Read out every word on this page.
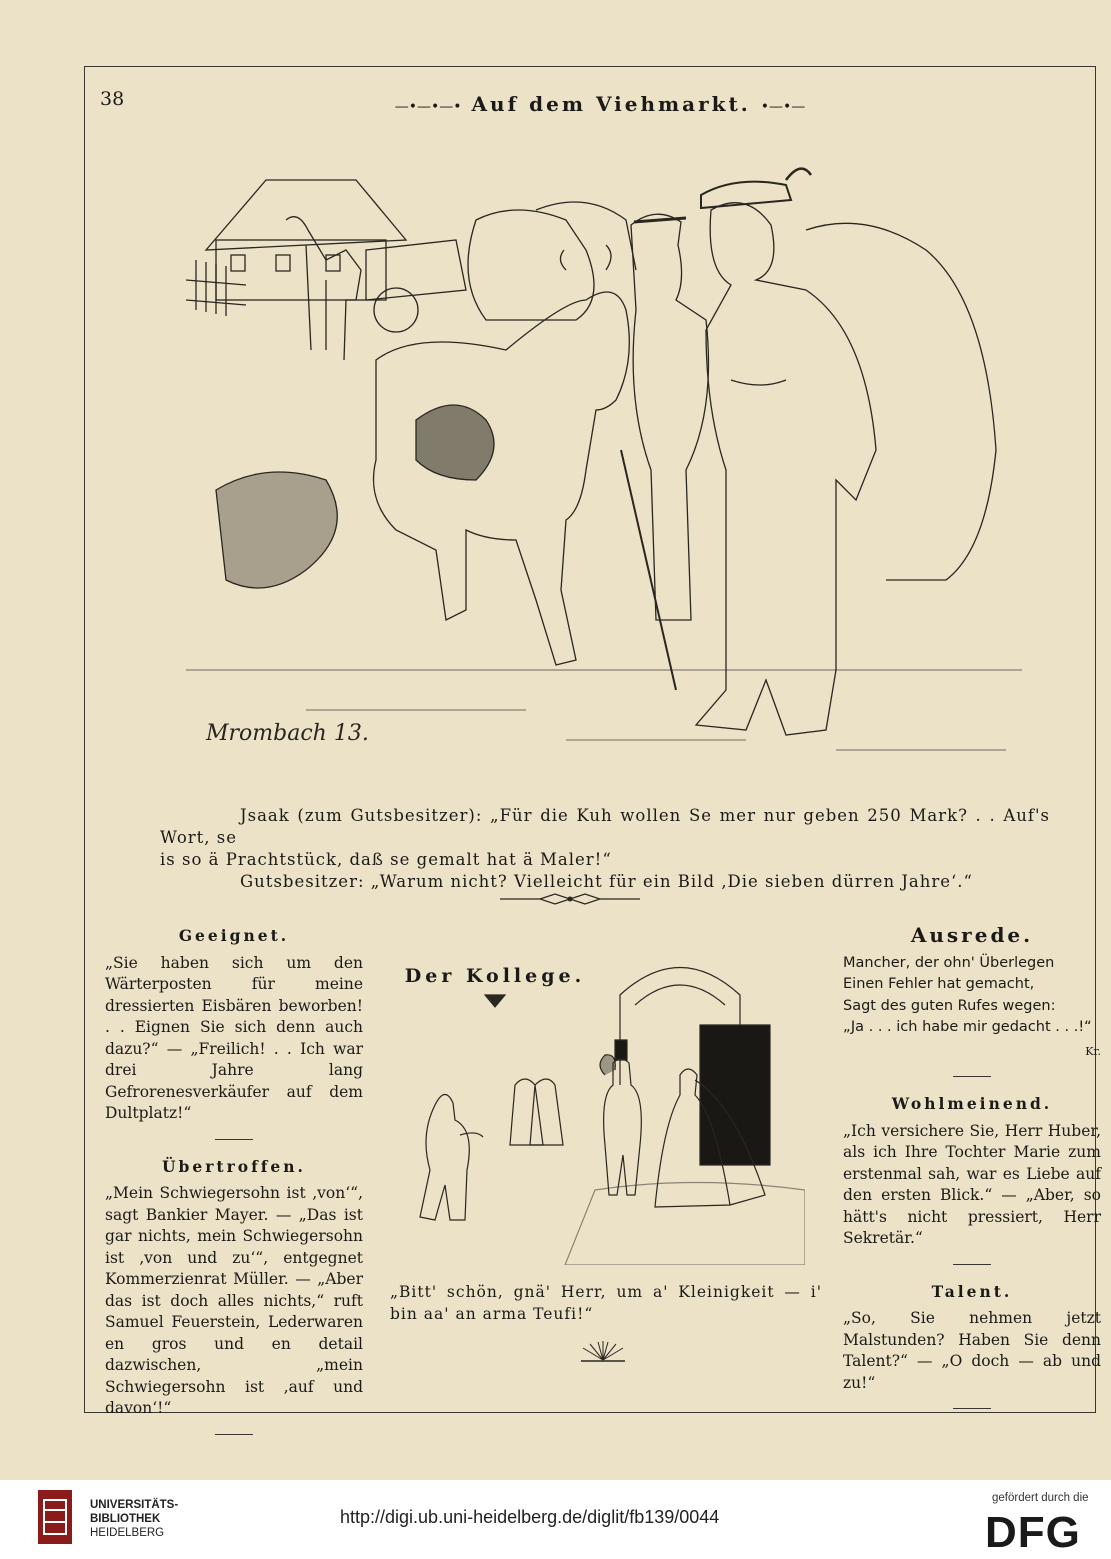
38	—•—•—• Auf dem Viehmarkt. •—•—
Mrombach 13.

Jsaak (zum Gutsbesitzer): „Für die Kuh wollen Se mer nur geben 250 Mark? . . Auf's Wort, se

is so ä Prachtstück, daß se gemalt hat ä Maler!“

Gutsbesitzer: „Warum nicht? Vielleicht für ein Bild ‚Die sieben dürren Jahre‘.“

Geeignet.

„Sie haben sich um den Wärterposten für meine dressierten Eisbären beworben! . . Eignen Sie sich denn auch dazu?“ — „Freilich! . . Ich war drei Jahre lang Gefrorenesverkäufer auf dem Dultplatz!“

Übertroffen.

„Mein Schwiegersohn ist ‚von‘“, sagt Bankier Mayer. — „Das ist gar nichts, mein Schwiegersohn ist ‚von und zu‘“, entgegnet Kommerzienrat Müller. — „Aber das ist doch alles nichts,“ ruft Samuel Feuerstein, Lederwaren en gros und en detail dazwischen, „mein Schwiegersohn ist ‚auf und davon‘!“

Der Kollege.
„Bitt' schön, gnä' Herr, um a' Kleinigkeit — i' bin aa' an arma Teufi!“
Ausrede.
Mancher, der ohn' Überlegen
Einen Fehler hat gemacht,
Sagt des guten Rufes wegen:
„Ja . . . ich habe mir gedacht . . .!“
Kr.
Wohlmeinend.

„Ich versichere Sie, Herr Huber, als ich Ihre Tochter Marie zum erstenmal sah, war es Liebe auf den ersten Blick.“ — „Aber, so hätt's nicht pressiert, Herr Sekretär.“

Talent.

„So, Sie nehmen jetzt Malstunden? Haben Sie denn Talent?“ — „O doch — ab und zu!“

UNIVERSITÄTS-
BIBLIOTHEK
HEIDELBERG
http://digi.ub.uni-heidelberg.de/diglit/fb139/0044
gefördert durch die
DFG
